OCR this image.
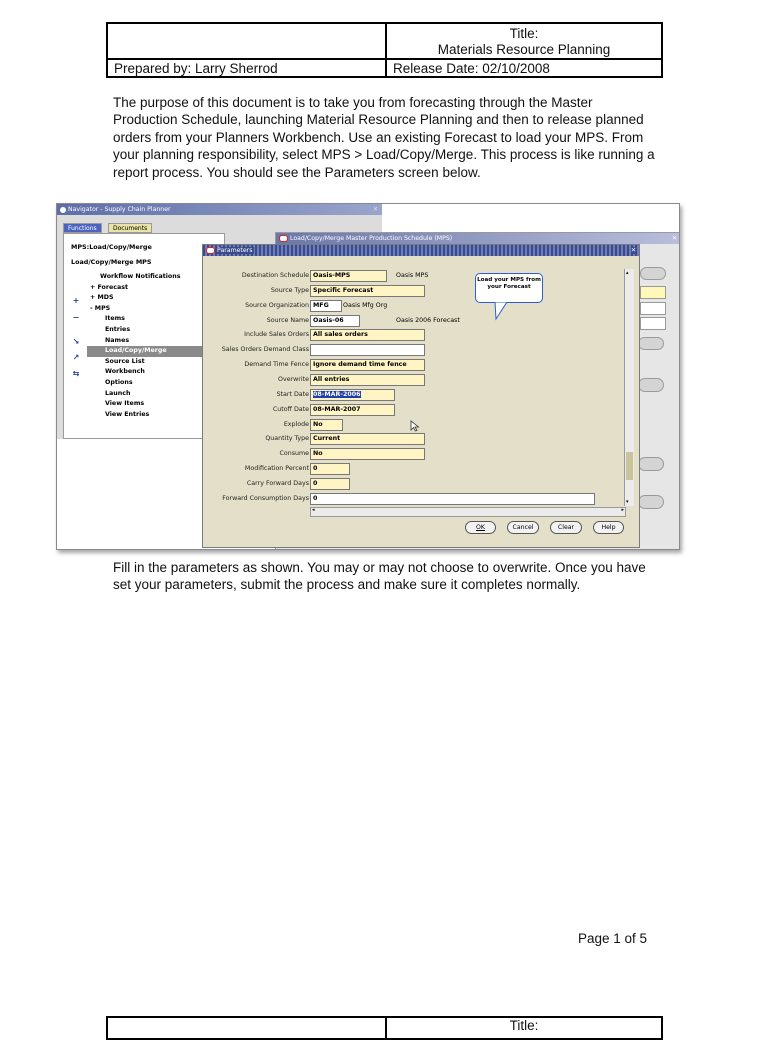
	Title:
Materials Resource Planning

Prepared by: Larry Sherrod	Release Date: 02/10/2008

The purpose of this document is to take you from forecasting through the Master Production Schedule, launching Material Resource Planning and then to release planned orders from your Planners Workbench. Use an existing Forecast to load your MPS. From your planning responsibility, select MPS > Load/Copy/Merge. This process is like running a report process. You should see the Parameters screen below.

Navigator - Supply Chain Planner	✕
Functions	Documents
MPS:Load/Copy/Merge
Load/Copy/Merge MPS
+
−
↘
↗
⇆
Workflow Notifications
+ Forecast
+ MDS
- MPS
Items
Entries
Names
Load/Copy/Merge
Source List
Workbench
Options
Launch
View Items
View Entries
Load/Copy/Merge Master Production Schedule (MPS)	✕
Parameters	✕
Destination Schedule Oasis-MPS	Oasis MPS
Source Type Specific Forecast
Source Organization MFG	Oasis Mfg Org
Source Name Oasis-06	Oasis 2006 Forecast
Include Sales Orders All sales orders
Sales Orders Demand Class
Demand Time Fence Ignore demand time fence
Overwrite All entries
Start Date 08-MAR-2006
Cutoff Date 08-MAR-2007
Explode No
Quantity Type Current
Consume No
Modification Percent 0
Carry Forward Days 0
Forward Consumption Days 0
Load your MPS from your Forecast
▴
▾
◂	▸
OK	Cancel	Clear	Help

Fill in the parameters as shown. You may or may not choose to overwrite. Once you have set your parameters, submit the process and make sure it completes normally.

Page 1 of 5
	Title:
